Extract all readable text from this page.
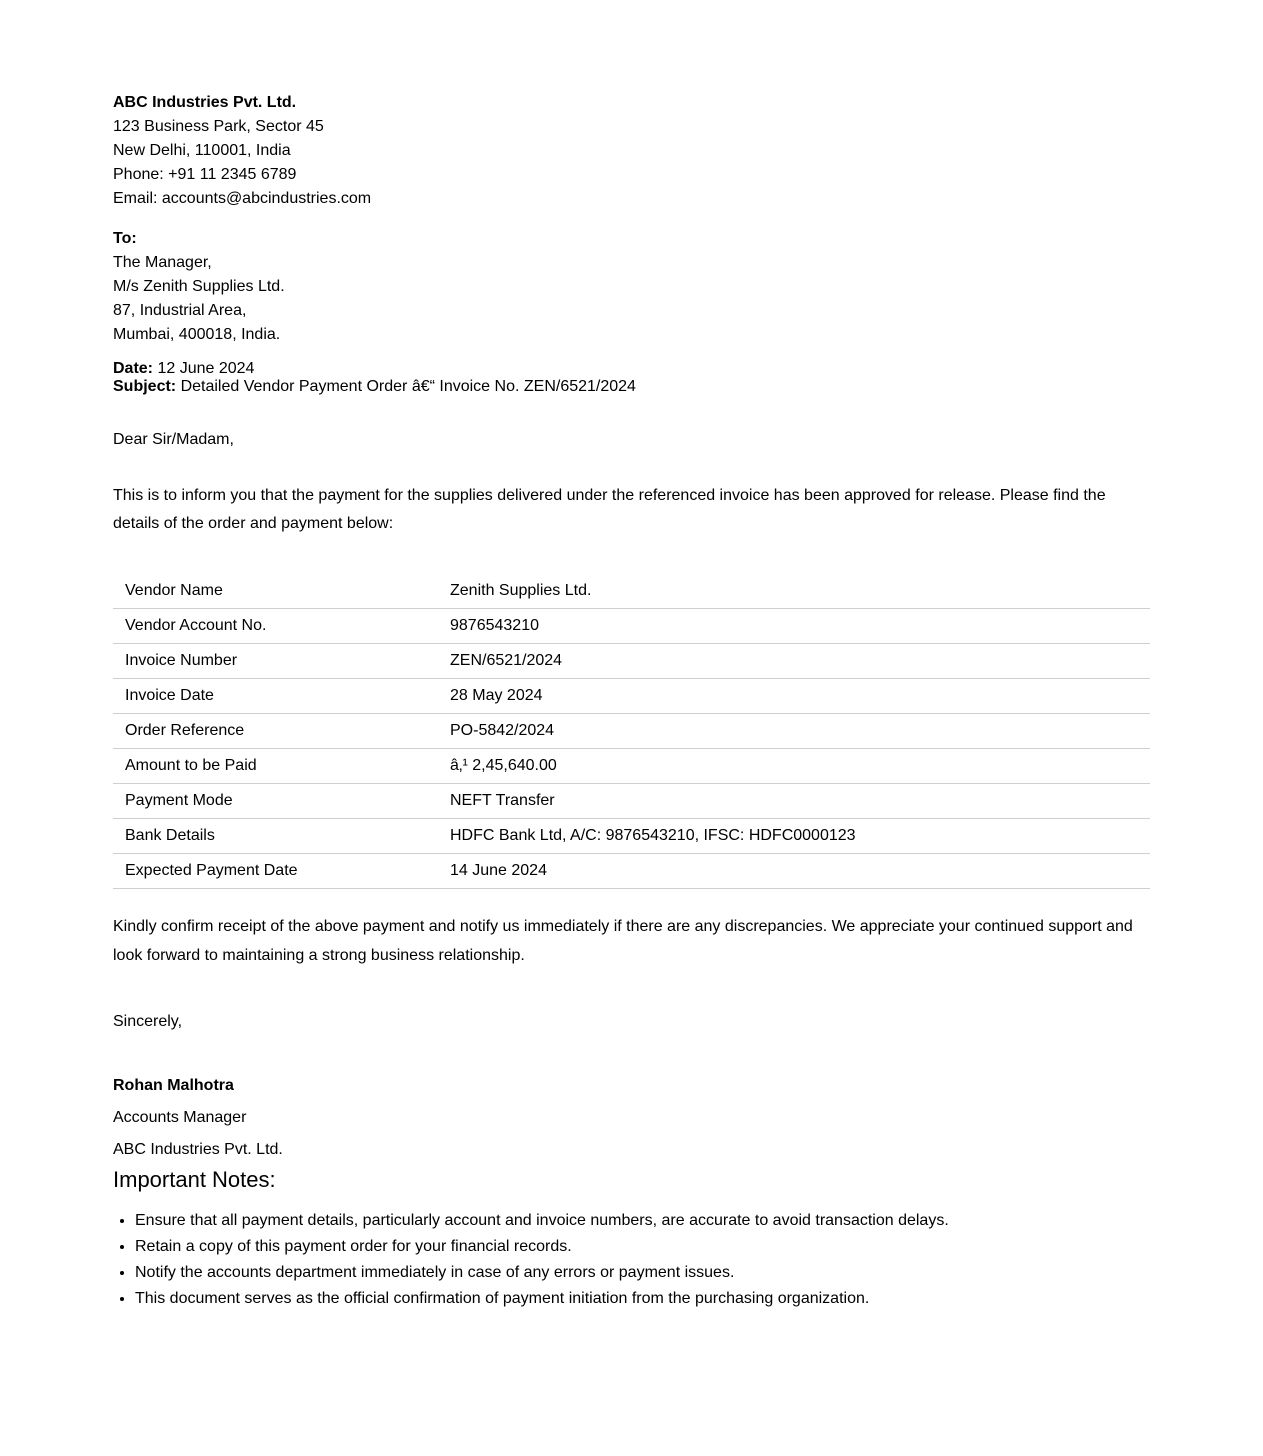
ABC Industries Pvt. Ltd.
123 Business Park, Sector 45
New Delhi, 110001, India
Phone: +91 11 2345 6789
Email: accounts@abcindustries.com
To:
The Manager,
M/s Zenith Supplies Ltd.
87, Industrial Area,
Mumbai, 400018, India.
Date: 12 June 2024
Subject: Detailed Vendor Payment Order â€“ Invoice No. ZEN/6521/2024
Dear Sir/Madam,
This is to inform you that the payment for the supplies delivered under the referenced invoice has been approved for release. Please find the details of the order and payment below:
Vendor Name	Zenith Supplies Ltd.
Vendor Account No.	9876543210
Invoice Number	ZEN/6521/2024
Invoice Date	28 May 2024
Order Reference	PO-5842/2024
Amount to be Paid	â‚¹ 2,45,640.00
Payment Mode	NEFT Transfer
Bank Details	HDFC Bank Ltd, A/C: 9876543210, IFSC: HDFC0000123
Expected Payment Date	14 June 2024
Kindly confirm receipt of the above payment and notify us immediately if there are any discrepancies. We appreciate your continued support and look forward to maintaining a strong business relationship.
Sincerely,
Rohan Malhotra
Accounts Manager
ABC Industries Pvt. Ltd.
Important Notes:
• Ensure that all payment details, particularly account and invoice numbers, are accurate to avoid transaction delays.
• Retain a copy of this payment order for your financial records.
• Notify the accounts department immediately in case of any errors or payment issues.
• This document serves as the official confirmation of payment initiation from the purchasing organization.
